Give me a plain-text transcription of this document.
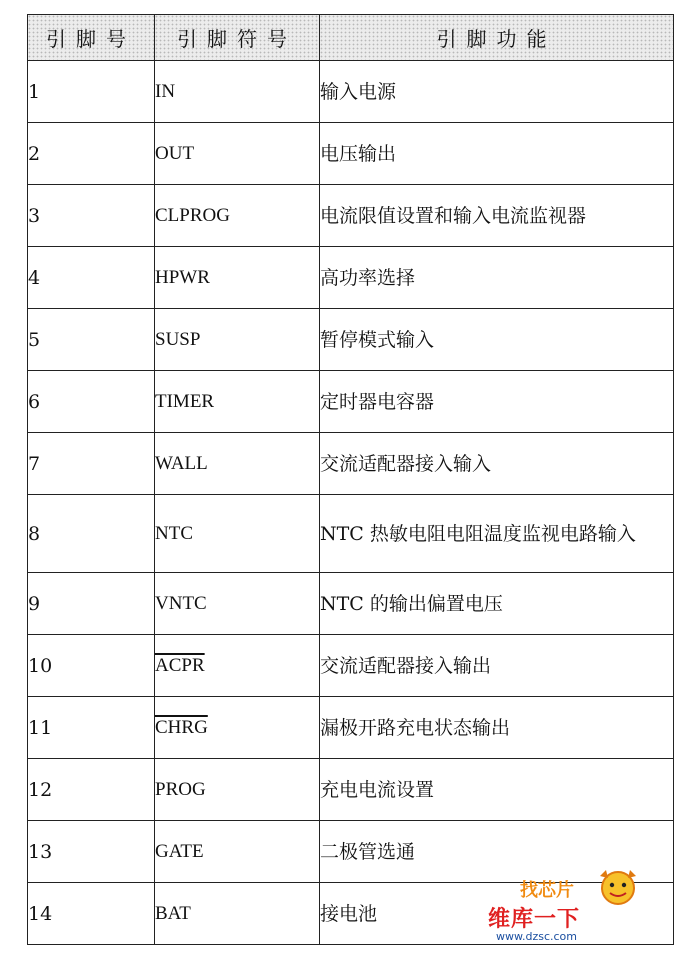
引脚号	引脚符号	引脚功能
1	IN	输入电源
2	OUT	电压输出
3	CLPROG	电流限值设置和输入电流监视器
4	HPWR	高功率选择
5	SUSP	暂停模式输入
6	TIMER	定时器电容器
7	WALL	交流适配器接入输入
8	NTC	NTC 热敏电阻电阻温度监视电路输入
9	VNTC	NTC 的输出偏置电压
10	ACPR	交流适配器接入输出
11	CHRG	漏极开路充电状态输出
12	PROG	充电电流设置
13	GATE	二极管选通
14	BAT	接电池
找芯片
维库一下
www.dzsc.com
